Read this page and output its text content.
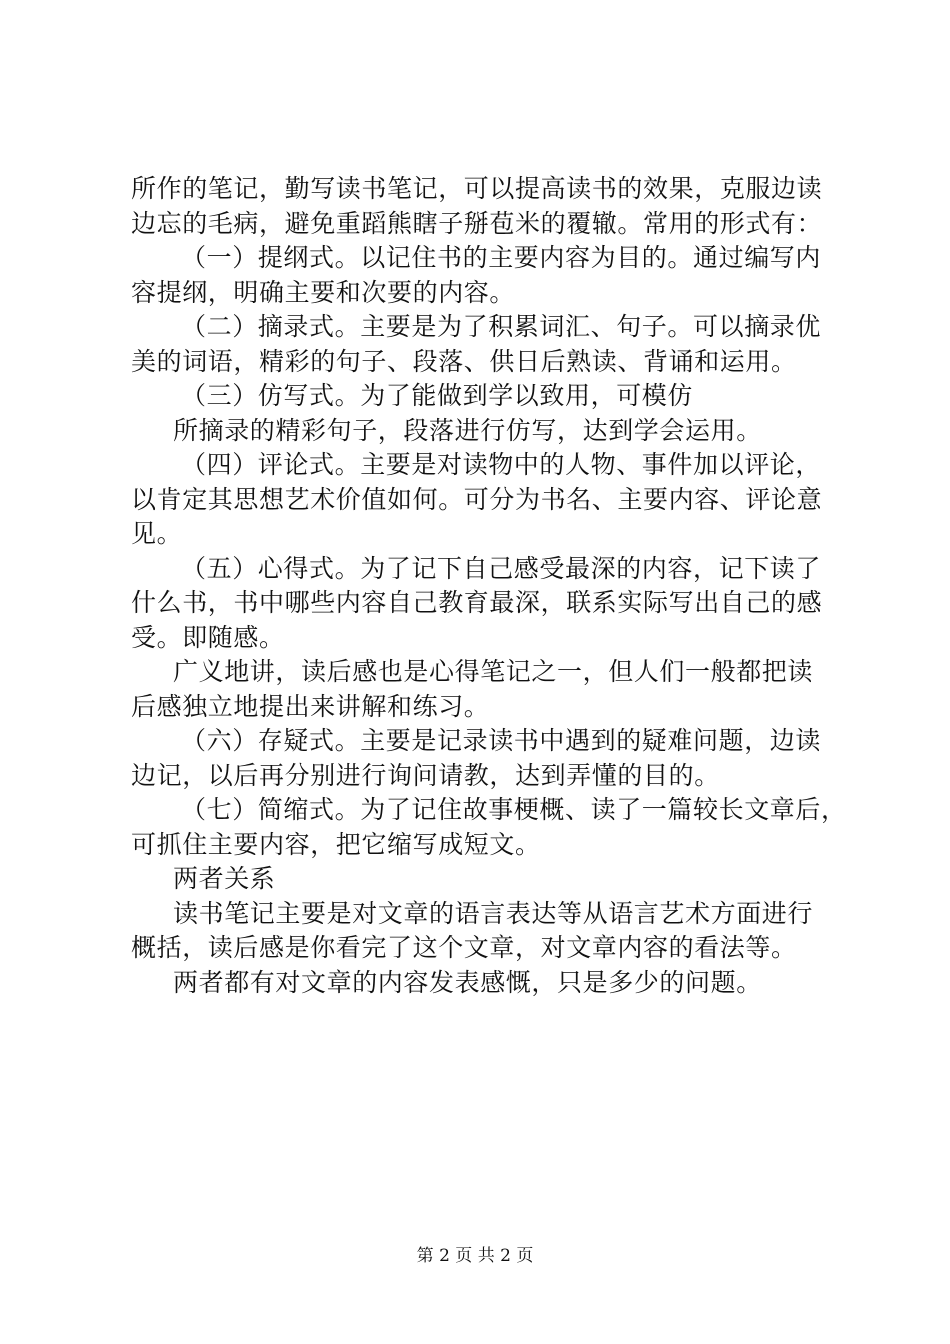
所作的笔记，勤写读书笔记，可以提高读书的效果，克服边读
边忘的毛病，避免重蹈熊瞎子掰苞米的覆辙。常用的形式有：
（一）提纲式。以记住书的主要内容为目的。通过编写内
容提纲，明确主要和次要的内容。
（二）摘录式。主要是为了积累词汇、句子。可以摘录优
美的词语，精彩的句子、段落、供日后熟读、背诵和运用。
（三）仿写式。为了能做到学以致用，可模仿
所摘录的精彩句子，段落进行仿写，达到学会运用。
（四）评论式。主要是对读物中的人物、事件加以评论，
以肯定其思想艺术价值如何。可分为书名、主要内容、评论意
见。
（五）心得式。为了记下自己感受最深的内容，记下读了
什么书，书中哪些内容自己教育最深，联系实际写出自己的感
受。即随感。
广义地讲，读后感也是心得笔记之一，但人们一般都把读
后感独立地提出来讲解和练习。
（六）存疑式。主要是记录读书中遇到的疑难问题，边读
边记，以后再分别进行询问请教，达到弄懂的目的。
（七）简缩式。为了记住故事梗概、读了一篇较长文章后，
可抓住主要内容，把它缩写成短文。
两者关系
读书笔记主要是对文章的语言表达等从语言艺术方面进行
概括，读后感是你看完了这个文章，对文章内容的看法等。
两者都有对文章的内容发表感慨，只是多少的问题。
第 2 页 共 2 页
